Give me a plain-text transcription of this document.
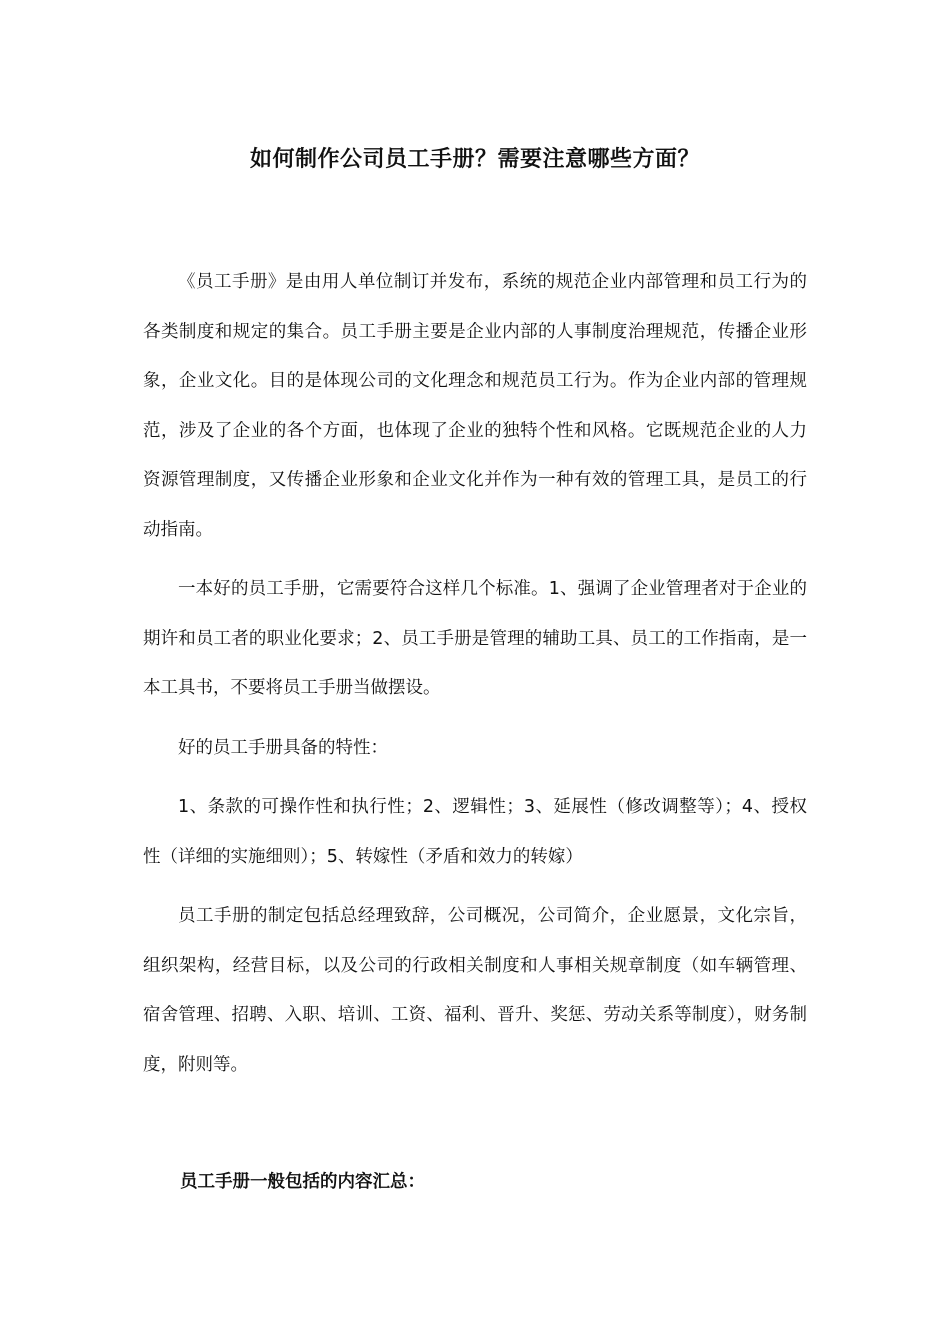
如何制作公司员工手册？需要注意哪些方面？

《员工手册》是由用人单位制订并发布，系统的规范企业内部管理和员工行为的各类制度和规定的集合。员工手册主要是企业内部的人事制度治理规范，传播企业形象，企业文化。目的是体现公司的文化理念和规范员工行为。作为企业内部的管理规范，涉及了企业的各个方面，也体现了企业的独特个性和风格。它既规范企业的人力资源管理制度，又传播企业形象和企业文化并作为一种有效的管理工具，是员工的行动指南。

一本好的员工手册，它需要符合这样几个标准。1、强调了企业管理者对于企业的期许和员工者的职业化要求；2、员工手册是管理的辅助工具、员工的工作指南，是一本工具书，不要将员工手册当做摆设。

好的员工手册具备的特性：

1、条款的可操作性和执行性；2、逻辑性；3、延展性（修改调整等）；4、授权性（详细的实施细则）；5、转嫁性（矛盾和效力的转嫁）

员工手册的制定包括总经理致辞，公司概况，公司简介，企业愿景，文化宗旨，组织架构，经营目标，以及公司的行政相关制度和人事相关规章制度（如车辆管理、宿舍管理、招聘、入职、培训、工资、福利、晋升、奖惩、劳动关系等制度），财务制度，附则等。

员工手册一般包括的内容汇总：
